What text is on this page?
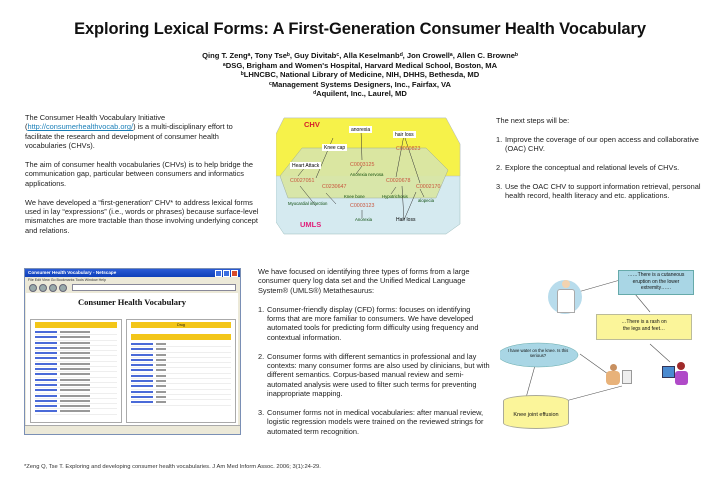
Exploring Lexical Forms: A First-Generation Consumer Health Vocabulary
Qing T. Zengᵃ, Tony Tseᵇ, Guy Divitabᶜ, Alla Keselmanbᵈ, Jon Crowellᵃ, Allen C. Browneᵇ
ᵃDSG, Brigham and Women's Hospital, Harvard Medical School, Boston, MA
ᵇLHNCBC, National Library of Medicine, NIH, DHHS, Bethesda, MD
ᶜManagement Systems Designers, Inc., Fairfax, VA
ᵈAquilent, Inc., Laurel, MD

The Consumer Health Vocabulary Initiative (http://consumerhealthvocab.org/) is a multi-disciplinary effort to facilitate the research and development of consumer health vocabularies (CHVs).

The aim of consumer health vocabularies (CHVs) is to help bridge the communication gap, particular between consumers and informatics applications.

We have developed a “first-generation” CHV* to address lexical forms used in lay “expressions” (i.e., words or phrases) because surface-level mismatches are more tractable than those involving underlying concept and relations.

CHV
UMLS
anorexia
hair loss
Knee cap
Heart Attack
Hair loss
C0000823
C0003125
C0027051
C0230647
C0020678
C0002170
C0003123
Anorexia nervosa
Knee bone
Myocardial infarction
Hypotrichosis
alopecia
Anorexia

The next steps will be:

1. Improve the coverage of our open access and collaborative (OAC) CHV.
2. Explore the conceptual and relational levels of CHVs.
3. Use the OAC CHV to support information retrieval, personal health record, health literacy and etc. applications.
Consumer Health Vocabulary - Netscape
File Edit View Go Bookmarks Tools Window Help
Consumer Health Vocabulary
Drug
We have focused on identifying three types of forms from a large consumer query log data set and the Unified Medical Language System® (UMLS®) Metathesaurus:
1. Consumer-friendly display (CFD) forms: focuses on identifying forms that are more familiar to consumers. We have developed automated tools for predicting form difficulty using frequency and contextual information.
2. Consumer forms with different semantics in professional and lay contexts: many consumer forms are also used by clinicians, but with different semantics. Corpus-based manual review and semi-automated analysis were used to filter such terms for preventing inappropriate mapping.
3. Consumer forms not in medical vocabularies: after manual review, logistic regression models were trained on the reviewed strings for automated term recognition.
……There is a cutaneous eruption on the lower extremity……
…There is a rash on
the legs and feet…
I have water on the knee. Is this serious?
Knee joint effusion
*Zeng Q, Tse T. Exploring and developing consumer health vocabularies. J Am Med Inform Assoc. 2006; 3(1):24-29.
